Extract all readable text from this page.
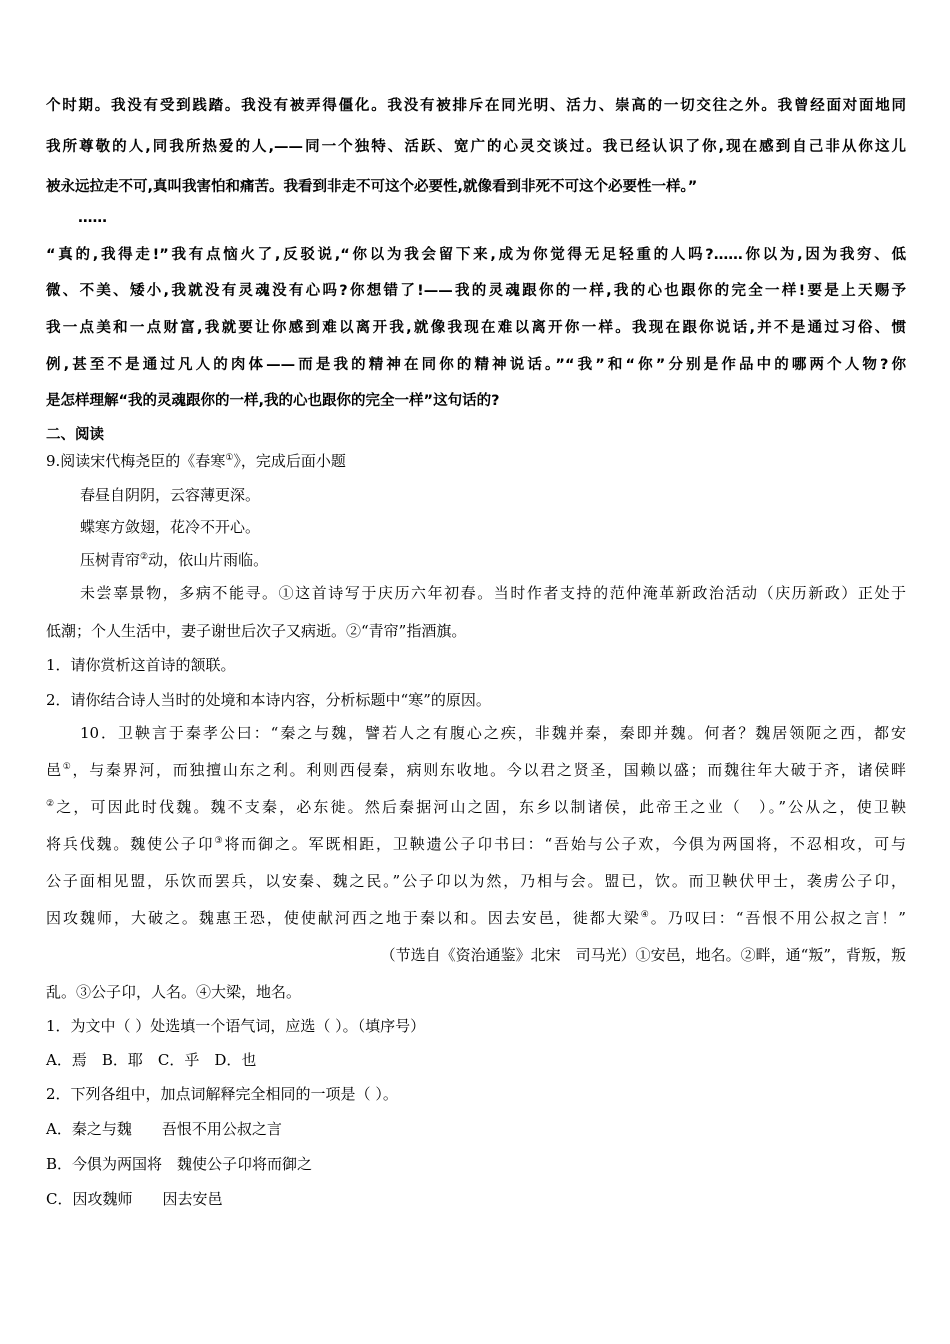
个时期。我没有受到践踏。我没有被弄得僵化。我没有被排斥在同光明、活力、崇高的一切交往之外。我曾经面对面地同
我所尊敬的人,同我所热爱的人,——同一个独特、活跃、宽广的心灵交谈过。我已经认识了你,现在感到自己非从你这儿
被永远拉走不可,真叫我害怕和痛苦。我看到非走不可这个必要性,就像看到非死不可这个必要性一样。”
……
“真的,我得走!”我有点恼火了,反驳说,“你以为我会留下来,成为你觉得无足轻重的人吗?……你以为,因为我穷、低
微、不美、矮小,我就没有灵魂没有心吗?你想错了!——我的灵魂跟你的一样,我的心也跟你的完全一样!要是上天赐予
我一点美和一点财富,我就要让你感到难以离开我,就像我现在难以离开你一样。我现在跟你说话,并不是通过习俗、惯
例,甚至不是通过凡人的肉体——而是我的精神在同你的精神说话。”“我”和“你”分别是作品中的哪两个人物?你
是怎样理解“我的灵魂跟你的一样,我的心也跟你的完全一样”这句话的?
二、阅读
9.阅读宋代梅尧臣的《春寒①》，完成后面小题
春昼自阴阴，云容薄更深。
蝶寒方敛翅，花冷不开心。
压树青帘②动，依山片雨临。
未尝辜景物，多病不能寻。①这首诗写于庆历六年初春。当时作者支持的范仲淹革新政治活动（庆历新政）正处于
低潮；个人生活中，妻子谢世后次子又病逝。②“青帘”指酒旗。
1．请你赏析这首诗的颔联。
2．请你结合诗人当时的处境和本诗内容，分析标题中“寒”的原因。
10．卫鞅言于秦孝公曰：“秦之与魏，譬若人之有腹心之疾，非魏并秦，秦即并魏。何者？魏居领阨之西，都安
邑①，与秦界河，而独擅山东之利。利则西侵秦，病则东收地。今以君之贤圣，国赖以盛；而魏往年大破于齐，诸侯畔
②之，可因此时伐魏。魏不支秦，必东徙。然后秦据河山之固，东乡以制诸侯，此帝王之业（　）。”公从之，使卫鞅
将兵伐魏。魏使公子卬③将而御之。军既相距，卫鞅遗公子卬书曰：“吾始与公子欢，今俱为两国将，不忍相攻，可与
公子面相见盟，乐饮而罢兵，以安秦、魏之民。”公子卬以为然，乃相与会。盟已，饮。而卫鞅伏甲士，袭虏公子卬，
因攻魏师，大破之。魏惠王恐，使使献河西之地于秦以和。因去安邑，徙都大梁④。乃叹曰：“吾恨不用公叔之言！”
（节选自《资治通鉴》北宋　司马光）①安邑，地名。②畔，通“叛”，背叛，叛
乱。③公子卬，人名。④大梁，地名。
1．为文中（ ）处选填一个语气词，应选（ ）。（填序号）
A．焉　B．耶　C．乎　D．也
2．下列各组中，加点词解释完全相同的一项是（ ）。
A．秦之与魏　　吾恨不用公叔之言
B．今俱为两国将　魏使公子卬将而御之
C．因攻魏师　　因去安邑
